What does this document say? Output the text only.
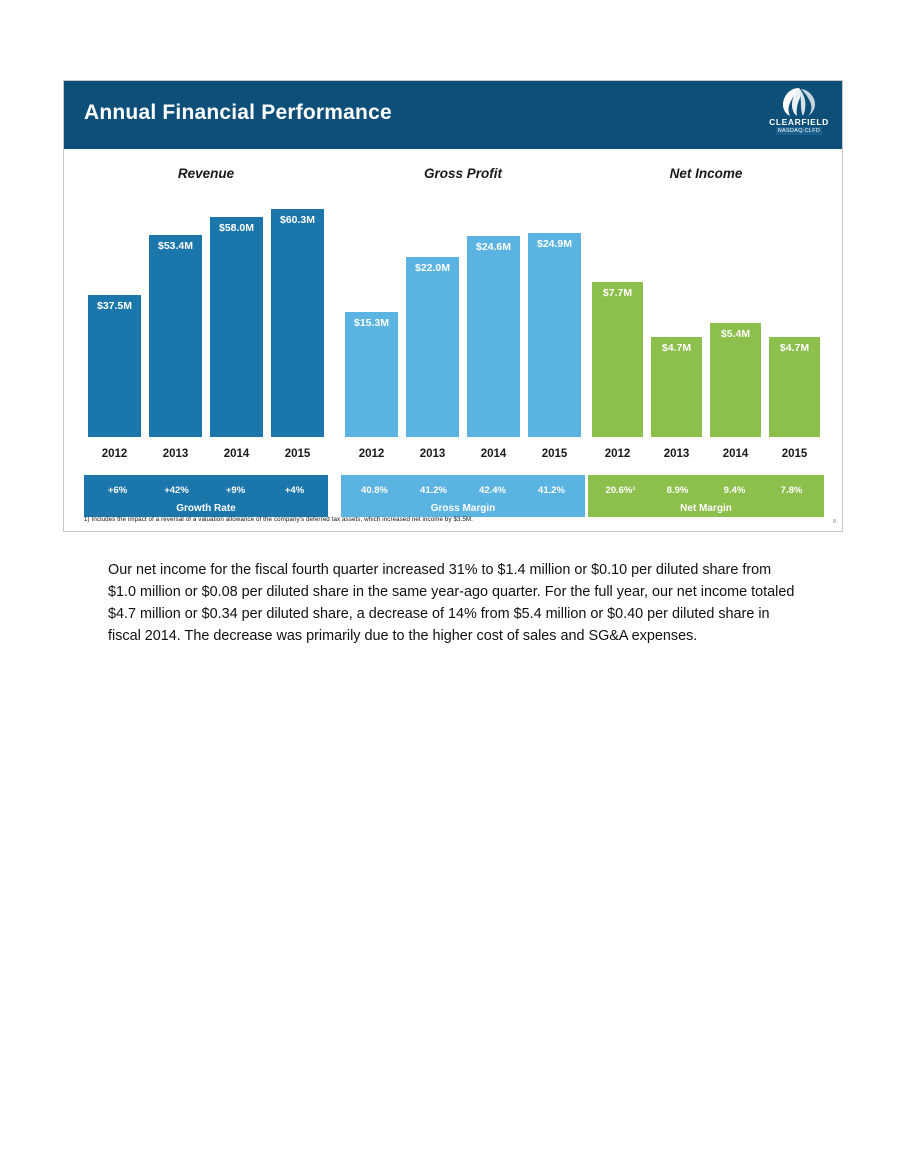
Annual Financial Performance	CLEARFIELD
NASDAQ:CLFD
Revenue
$37.5M
$53.4M
$58.0M
$60.3M
2012	2013	2014	2015
+6%	+42%	+9%	+4%
Growth Rate
Gross Profit
$15.3M
$22.0M
$24.6M $24.9M
2012	2013	2014	2015
40.8%	41.2%	42.4%	41.2%
Gross Margin
Net Income
$7.7M
$4.7M
$5.4M
$4.7M
2012	2013	2014	2015
20.6%¹	8.9%	9.4%	7.8%
Net Margin
1) Includes the impact of a reversal of a valuation allowance of the company's deferred tax assets, which increased net income by $3.5M.	8
Our net income for the fiscal fourth quarter increased 31% to $1.4 million or $0.10 per diluted share from $1.0 million or $0.08 per diluted share in the same year-ago quarter. For the full year, our net income totaled $4.7 million or $0.34 per diluted share, a decrease of 14% from $5.4 million or $0.40 per diluted share in fiscal 2014. The decrease was primarily due to the higher cost of sales and SG&A expenses.
